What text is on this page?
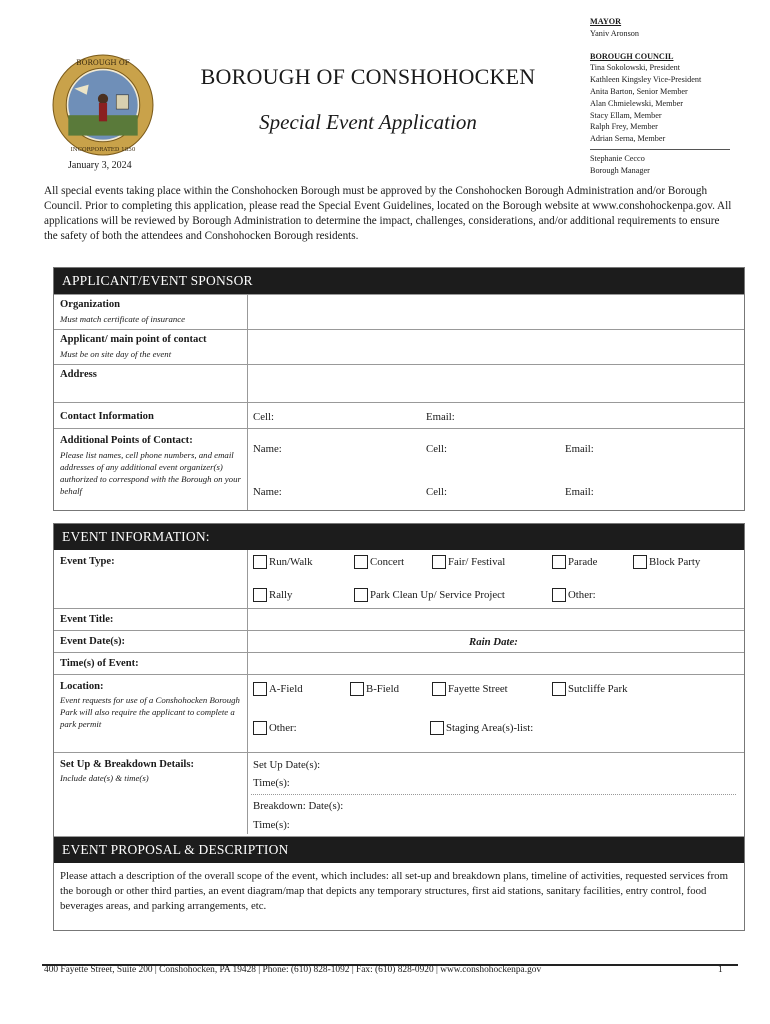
BOROUGH OF
INCORPORATED 1850
BOROUGH OF CONSHOHOCKEN
Special Event Application
January 3, 2024
MAYOR
Yaniv Aronson
BOROUGH COUNCIL
Tina Sokolowski, President
Kathleen Kingsley Vice-President
Anita Barton, Senior Member
Alan Chmielewski, Member
Stacy Ellam, Member
Ralph Frey, Member
Adrian Serna, Member
Stephanie Cecco
Borough Manager
All special events taking place within the Conshohocken Borough must be approved by the Conshohocken Borough Administration and/or Borough Council. Prior to completing this application, please read the Special Event Guidelines, located on the Borough website at www.conshohockenpa.gov. All applications will be reviewed by Borough Administration to determine the impact, challenges, considerations, and/or additional requirements to ensure the safety of both the attendees and Conshohocken Borough residents.
APPLICANT/EVENT SPONSOR
Organization
Must match certificate of insurance
Applicant/ main point of contact
Must be on site day of the event
Address
Contact Information	Cell:	Email:
Additional Points of Contact:
Please list names, cell phone numbers, and email addresses of any additional event organizer(s) authorized to correspond with the Borough on your behalf
Name:	Cell:	Email:
Name:	Cell:	Email:
EVENT INFORMATION:
Event Type:	Run/Walk	Concert	Fair/ Festival	Parade	Block Party
Rally	Park Clean Up/ Service Project	Other:
Event Title:
Event Date(s):	Rain Date:
Time(s) of Event:
Location:
Event requests for use of a Conshohocken Borough Park will also require the applicant to complete a park permit
A-Field	B-Field	Fayette Street	Sutcliffe Park
Other:	Staging Area(s)-list:
Set Up & Breakdown Details:
Include date(s) & time(s)
Set Up Date(s):
Time(s):
Breakdown: Date(s):
Time(s):
EVENT PROPOSAL & DESCRIPTION
Please attach a description of the overall scope of the event, which includes: all set-up and breakdown plans, timeline of activities, requested services from the borough or other third parties, an event diagram/map that depicts any temporary structures, first aid stations, sanitary facilities, entry control, food beverages areas, and parking arrangements, etc.
400 Fayette Street, Suite 200 | Conshohocken, PA 19428 | Phone: (610) 828-1092 | Fax: (610) 828-0920 | www.conshohockenpa.gov	1
